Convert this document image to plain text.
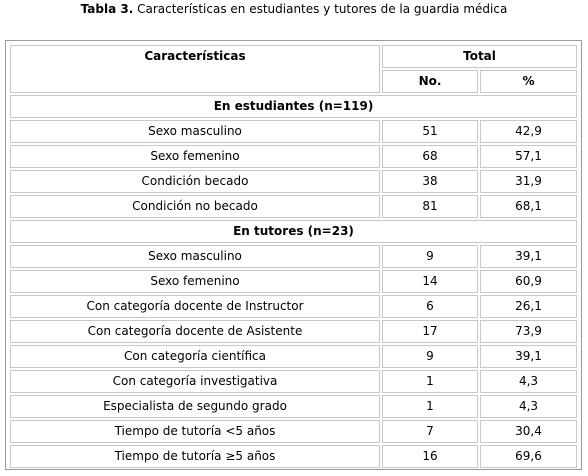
Tabla 3. Características en estudiantes y tutores de la guardia médica
Características	Total	
	No.	%
En estudiantes (n=119)		
Sexo masculino	51	42,9
Sexo femenino	68	57,1
Condición becado	38	31,9
Condición no becado	81	68,1
En tutores (n=23)		
Sexo masculino	9	39,1
Sexo femenino	14	60,9
Con categoría docente de Instructor	6	26,1
Con categoría docente de Asistente	17	73,9
Con categoría científica	9	39,1
Con categoría investigativa	1	4,3
Especialista de segundo grado	1	4,3
Tiempo de tutoría <5 años	7	30,4
Tiempo de tutoría ≥5 años	16	69,6
